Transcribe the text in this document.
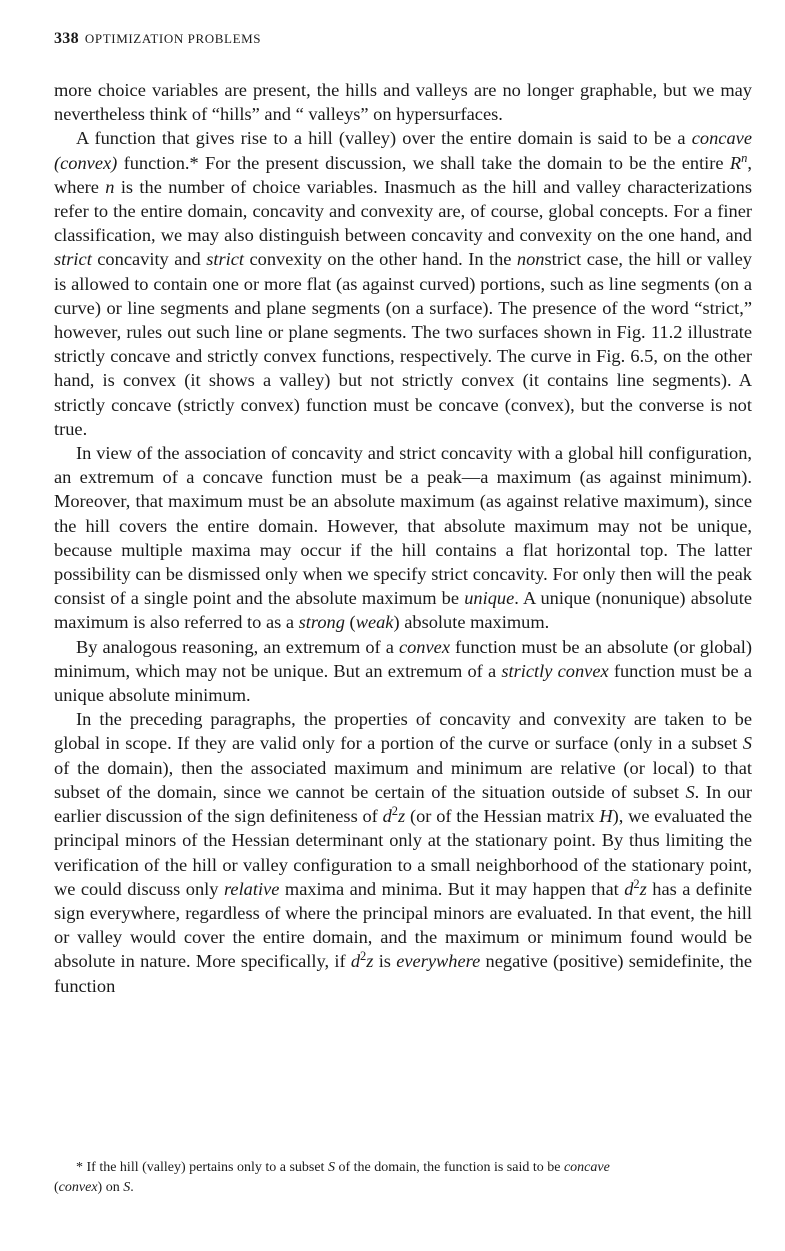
338 OPTIMIZATION PROBLEMS

more choice variables are present, the hills and valleys are no longer graphable, but we may nevertheless think of “hills” and “ valleys” on hypersurfaces.

A function that gives rise to a hill (valley) over the entire domain is said to be a concave (convex) function.* For the present discussion, we shall take the domain to be the entire $R^n$, where n is the number of choice variables. Inasmuch as the hill and valley characterizations refer to the entire domain, concavity and convexity are, of course, global concepts. For a finer classification, we may also distinguish between concavity and convexity on the one hand, and strict concavity and strict convexity on the other hand. In the nonstrict case, the hill or valley is allowed to contain one or more flat (as against curved) portions, such as line segments (on a curve) or line segments and plane segments (on a surface). The presence of the word “strict,” however, rules out such line or plane segments. The two surfaces shown in Fig. 11.2 illustrate strictly concave and strictly convex functions, respectively. The curve in Fig. 6.5, on the other hand, is convex (it shows a valley) but not strictly convex (it contains line segments). A strictly concave (strictly convex) function must be concave (convex), but the converse is not true.

In view of the association of concavity and strict concavity with a global hill configuration, an extremum of a concave function must be a peak—a maximum (as against minimum). Moreover, that maximum must be an absolute maximum (as against relative maximum), since the hill covers the entire domain. However, that absolute maximum may not be unique, because multiple maxima may occur if the hill contains a flat horizontal top. The latter possibility can be dismissed only when we specify strict concavity. For only then will the peak consist of a single point and the absolute maximum be unique. A unique (nonunique) absolute maximum is also referred to as a strong (weak) absolute maximum.

By analogous reasoning, an extremum of a convex function must be an absolute (or global) minimum, which may not be unique. But an extremum of a strictly convex function must be a unique absolute minimum.

In the preceding paragraphs, the properties of concavity and convexity are taken to be global in scope. If they are valid only for a portion of the curve or surface (only in a subset S of the domain), then the associated maximum and minimum are relative (or local) to that subset of the domain, since we cannot be certain of the situation outside of subset S. In our earlier discussion of the sign definiteness of $d^2z$ (or of the Hessian matrix H), we evaluated the principal minors of the Hessian determinant only at the stationary point. By thus limiting the verification of the hill or valley configuration to a small neighborhood of the stationary point, we could discuss only relative maxima and minima. But it may happen that $d^2z$ has a definite sign everywhere, regardless of where the principal minors are evaluated. In that event, the hill or valley would cover the entire domain, and the maximum or minimum found would be absolute in nature. More specifically, if $d^2z$ is everywhere negative (positive) semidefinite, the function

* If the hill (valley) pertains only to a subset S of the domain, the function is said to be concave
(convex) on S.
